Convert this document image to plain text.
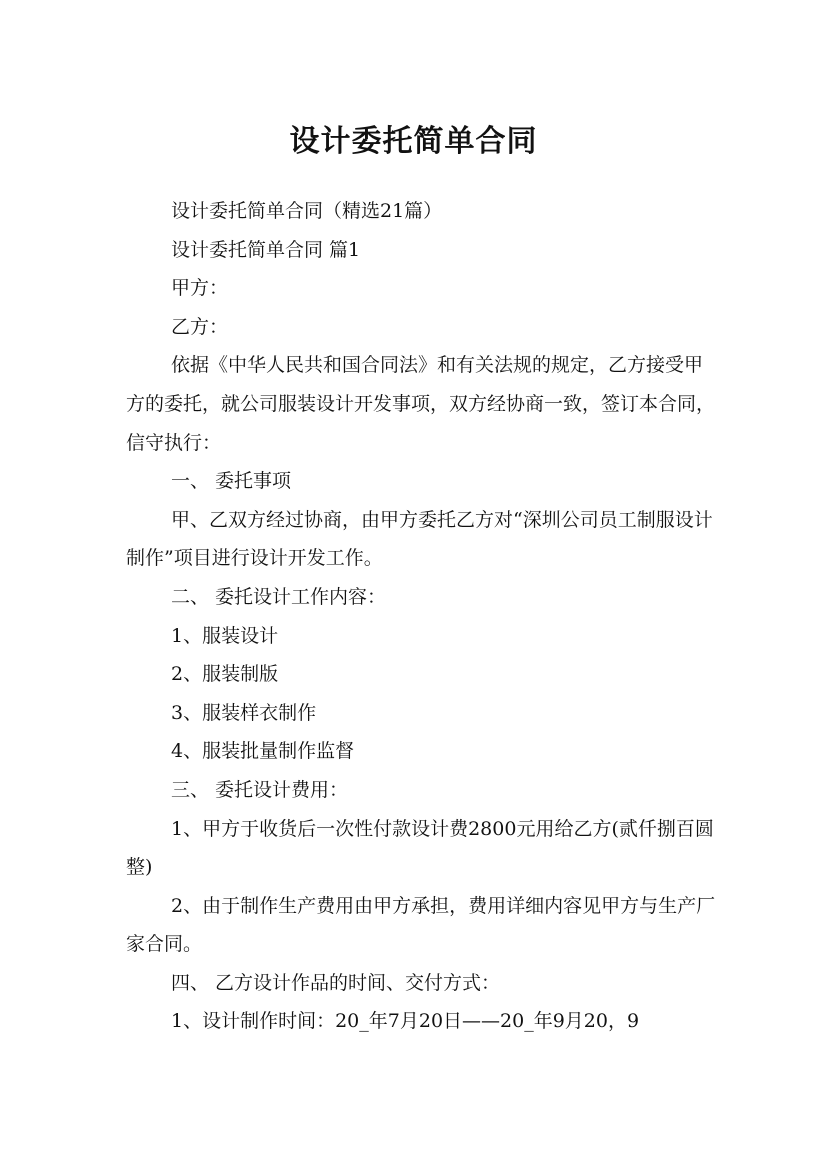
设计委托简单合同

设计委托简单合同（精选21篇）

设计委托简单合同 篇1

甲方：

乙方：

依据《中华人民共和国合同法》和有关法规的规定，乙方接受甲方的委托，就公司服装设计开发事项，双方经协商一致，签订本合同，信守执行：

一、 委托事项

甲、乙双方经过协商，由甲方委托乙方对“深圳公司员工制服设计制作”项目进行设计开发工作。

二、 委托设计工作内容：

1、服装设计

2、服装制版

3、服装样衣制作

4、服装批量制作监督

三、 委托设计费用：

1、甲方于收货后一次性付款设计费2800元用给乙方(贰仟捌百圆整)

2、由于制作生产费用由甲方承担，费用详细内容见甲方与生产厂家合同。

四、 乙方设计作品的时间、交付方式：

1、设计制作时间：20_年7月20日——20_年9月20，9
